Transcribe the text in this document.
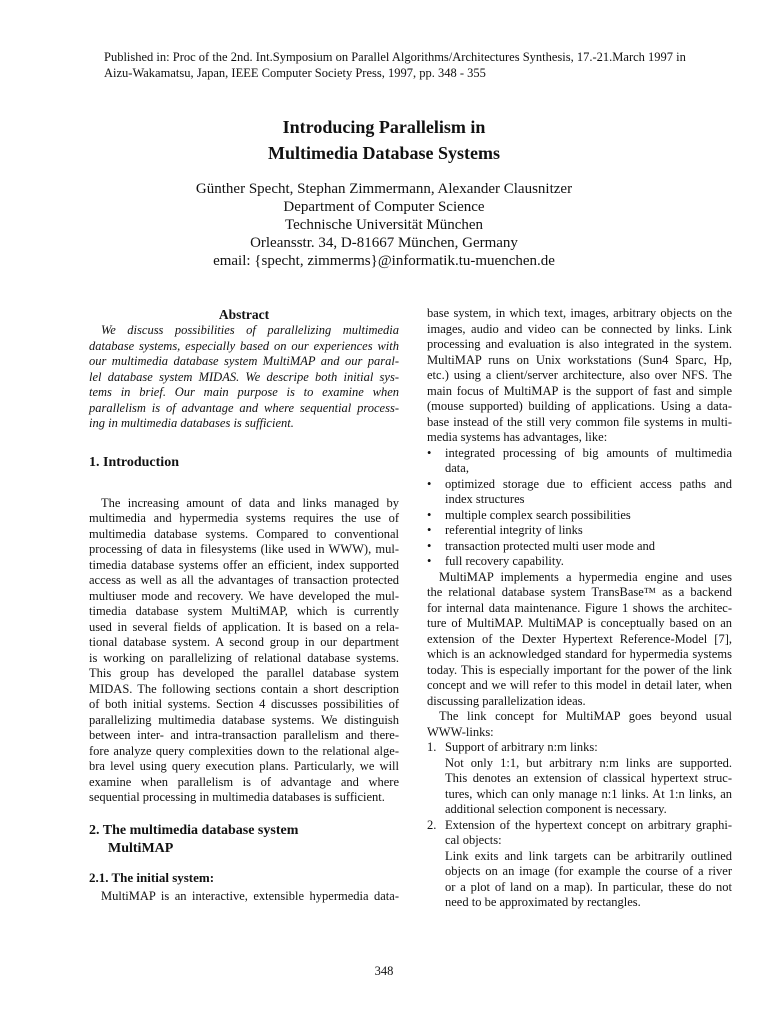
Published in: Proc of the 2nd. Int.Symposium on Parallel Algorithms/Architectures Synthesis, 17.-21.March 1997 in
Aizu-Wakamatsu, Japan, IEEE Computer Society Press, 1997, pp. 348 - 355
Introducing Parallelism in
Multimedia Database Systems
Günther Specht, Stephan Zimmermann, Alexander Clausnitzer
Department of Computer Science
Technische Universität München
Orleansstr. 34, D-81667 München, Germany
email: {specht, zimmerms}@informatik.tu-muenchen.de
Abstract
We discuss possibilities of parallelizing multimedia
database systems, especially based on our experiences with
our multimedia database system MultiMAP and our paral-
lel database system MIDAS. We descripe both initial sys-
tems in brief. Our main purpose is to examine when
parallelism is of advantage and where sequential process-
ing in multimedia databases is sufficient.
1. Introduction
The increasing amount of data and links managed by
multimedia and hypermedia systems requires the use of
multimedia database systems. Compared to conventional
processing of data in filesystems (like used in WWW), mul-
timedia database systems offer an efficient, index supported
access as well as all the advantages of transaction protected
multiuser mode and recovery. We have developed the mul-
timedia database system MultiMAP, which is currently
used in several fields of application. It is based on a rela-
tional database system. A second group in our department
is working on parallelizing of relational database systems.
This group has developed the parallel database system
MIDAS. The following sections contain a short description
of both initial systems. Section 4 discusses possibilities of
parallelizing multimedia database systems. We distinguish
between inter- and intra-transaction parallelism and there-
fore analyze query complexities down to the relational alge-
bra level using query execution plans. Particularly, we will
examine when parallelism is of advantage and where
sequential processing in multimedia databases is sufficient.
2. The multimedia database system
MultiMAP
2.1. The initial system:
MultiMAP is an interactive, extensible hypermedia data-
base system, in which text, images, arbitrary objects on the
images, audio and video can be connected by links. Link
processing and evaluation is also integrated in the system.
MultiMAP runs on Unix workstations (Sun4 Sparc, Hp,
etc.) using a client/server architecture, also over NFS. The
main focus of MultiMAP is the support of fast and simple
(mouse supported) building of applications. Using a data-
base instead of the still very common file systems in multi-
media systems has advantages, like:
•	integrated processing of big amounts of multimedia
data,
•	optimized storage due to efficient access paths and
index structures
•	multiple complex search possibilities
•	referential integrity of links
•	transaction protected multi user mode and
•	full recovery capability.
MultiMAP implements a hypermedia engine and uses
the relational database system TransBase™ as a backend
for internal data maintenance. Figure 1 shows the architec-
ture of MultiMAP. MultiMAP is conceptually based on an
extension of the Dexter Hypertext Reference-Model [7],
which is an acknowledged standard for hypermedia systems
today. This is especially important for the power of the link
concept and we will refer to this model in detail later, when
discussing parallelization ideas.
The link concept for MultiMAP goes beyond usual
WWW-links:
1. Support of arbitrary n:m links:
Not only 1:1, but arbitrary n:m links are supported.
This denotes an extension of classical hypertext struc-
tures, which can only manage n:1 links. At 1:n links, an
additional selection component is necessary.
2. Extension of the hypertext concept on arbitrary graphi-
cal objects:
Link exits and link targets can be arbitrarily outlined
objects on an image (for example the course of a river
or a plot of land on a map). In particular, these do not
need to be approximated by rectangles.
348
